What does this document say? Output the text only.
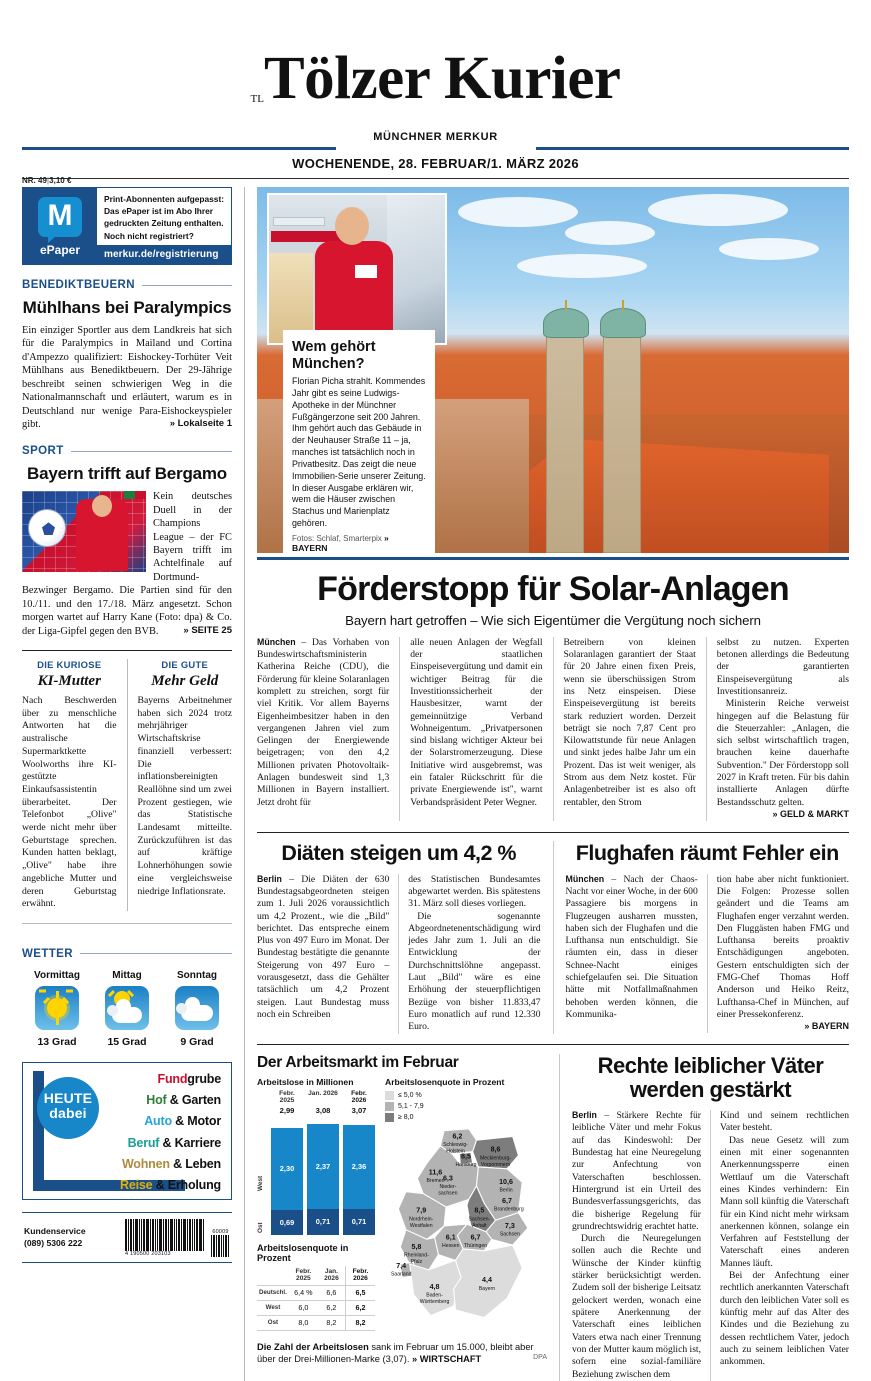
TLTölzer Kurier
MÜNCHNER MERKUR
WOCHENENDE, 28. FEBRUAR/1. MÄRZ 2026
NR. 49|3,10 €
M
ePaper
Print-Abonnenten aufgepasst: Das ePaper ist im Abo Ihrer gedruckten Zeitung enthalten. Noch nicht registriert?
merkur.de/registrierung
BENEDIKTBEUERN
Mühlhans bei Paralympics
Ein einziger Sportler aus dem Landkreis hat sich für die Paralympics in Mailand und Cortina d'Ampezzo qualifiziert: Eishockey-Torhüter Veit Mühlhans aus Benediktbeuern. Der 29-Jährige beschreibt seinen schwierigen Weg in die Nationalmannschaft und erläutert, warum es in Deutschland nur wenige Para-Eishockeyspieler gibt.	» Lokalseite 1
SPORT
Bayern trifft auf Bergamo
Kein deutsches Duell in der Champions League – der FC Bayern trifft im Achtelfinale auf Dortmund-Bezwinger Bergamo. Die Partien sind für den 10./11. und den 17./18. März angesetzt. Schon morgen wartet auf Harry Kane (Foto: dpa) & Co. der Liga-Gipfel gegen den BVB.	» SEITE 25
DIE KURIOSE
KI-Mutter
Nach Beschwerden über zu menschliche Antworten hat die australische Supermarktkette Woolworths ihre KI-gestützte Einkaufsassistentin überarbeitet. Der Telefonbot „Olive" werde nicht mehr über Geburtstage sprechen. Kunden hatten beklagt, „Olive" habe ihre angebliche Mutter und deren Geburtstag erwähnt.
DIE GUTE
Mehr Geld
Bayerns Arbeitnehmer haben sich 2024 trotz mehrjähriger Wirtschaftskrise finanziell verbessert: Die inflationsbereinigten Reallöhne sind um zwei Prozent gestiegen, wie das Statistische Landesamt mitteilte. Zurückzuführen ist das auf kräftige Lohnerhöhungen sowie eine vergleichsweise niedrige Inflationsrate.
WETTER
Vormittag
13 Grad
Mittag
15 Grad
Sonntag
9 Grad
HEUTE
dabei
Fundgrube
Hof & Garten
Auto & Motor
Beruf & Karriere
Wohnen & Leben
Reise & Erholung
Kundenservice
(089) 5306 222
4 190500 203103
60009
Wem gehört München?
Florian Picha strahlt. Kommendes Jahr gibt es seine Ludwigs-Apotheke in der Münchner Fußgängerzone seit 200 Jahren. Ihm gehört auch das Gebäude in der Neuhauser Straße 11 – ja, manches ist tatsächlich noch in Privatbesitz. Das zeigt die neue Immobilien-Serie unserer Zeitung. In dieser Ausgabe erklären wir, wem die Häuser zwischen Stachus und Marienplatz gehören.
Fotos: Schlaf, Smarterpix » BAYERN
Förderstopp für Solar-Anlagen
Bayern hart getroffen – Wie sich Eigentümer die Vergütung noch sichern

München – Das Vorhaben von Bundeswirtschaftsministerin Katherina Reiche (CDU), die Förderung für kleine Solaranlagen komplett zu streichen, sorgt für viel Kritik. Vor allem Bayerns Eigenheimbesitzer haben in den vergangenen Jahren viel zum Gelingen der Energiewende beigetragen; von den 4,2 Millionen privaten Photovoltaik-Anlagen bundesweit sind 1,3 Millionen in Bayern installiert. Jetzt droht für

alle neuen Anlagen der Wegfall der staatlichen Einspeisevergütung und damit ein wichtiger Beitrag für die Investitionssicherheit der Hausbesitzer, warnt der gemeinnützige Verband Wohneigentum. „Privatpersonen sind bislang wichtiger Akteur bei der Solarstromerzeugung. Diese Initiative wird ausgebremst, was ein fataler Rückschritt für die private Energiewende ist", warnt Verbandspräsident Peter Wegner.

Betreibern von kleinen Solaranlagen garantiert der Staat für 20 Jahre einen fixen Preis, wenn sie überschüssigen Strom ins Netz einspeisen. Diese Einspeisevergütung ist bereits stark reduziert worden. Derzeit beträgt sie noch 7,87 Cent pro Kilowattstunde für neue Anlagen und sinkt jedes halbe Jahr um ein Prozent. Das ist weit weniger, als Strom aus dem Netz kostet. Für Anlagenbetreiber ist es also oft rentabler, den Strom

selbst zu nutzen. Experten betonen allerdings die Bedeutung der garantierten Einspeisevergütung als Investitionsanreiz.

Ministerin Reiche verweist hingegen auf die Belastung für die Steuerzahler: „Anlagen, die sich selbst wirtschaftlich tragen, brauchen keine dauerhafte Subvention." Der Förderstopp soll 2027 in Kraft treten. Für bis dahin installierte Anlagen dürfte Bestandsschutz gelten.

» GELD & MARKT
Diäten steigen um 4,2 %

Berlin – Die Diäten der 630 Bundestagsabgeordneten steigen zum 1. Juli 2026 voraussichtlich um 4,2 Prozent., wie die „Bild" berichtet. Das entspreche einem Plus von 497 Euro im Monat. Der Bundestag bestätigte die genannte Steigerung von 497 Euro – vorausgesetzt, dass die Gehälter tatsächlich um 4,2 Prozent steigen. Laut Bundestag muss noch ein Schreiben

des Statistischen Bundesamtes abgewartet werden. Bis spätestens 31. März soll dieses vorliegen.

Die sogenannte Abgeordnetenentschädigung wird jedes Jahr zum 1. Juli an die Entwicklung der Durchschnittslöhne angepasst. Laut „Bild" wäre es eine Erhöhung der steuerpflichtigen Bezüge von bisher 11.833,47 Euro monatlich auf rund 12.330 Euro.

Flughafen räumt Fehler ein

München – Nach der Chaos-Nacht vor einer Woche, in der 600 Passagiere bis morgens in Flugzeugen ausharren mussten, haben sich der Flughafen und die Lufthansa nun entschuldigt. Sie räumten ein, dass in dieser Schnee-Nacht einiges schiefgelaufen sei. Die Situation hätte mit Notfallmaßnahmen behoben werden können, die Kommunika-

tion habe aber nicht funktioniert. Die Folgen: Prozesse sollen geändert und die Teams am Flughafen enger verzahnt werden. Den Fluggästen haben FMG und Lufthansa bereits proaktiv Entschädigungen angeboten. Gestern entschuldigten sich der FMG-Chef Thomas Hoff Anderson und Heiko Reitz, Lufthansa-Chef in München, auf einer Pressekonferenz.

» BAYERN
Der Arbeitsmarkt im Februar
Arbeitslose in Millionen
Febr. 2025
Jan. 2026	Febr. 2026
2,99	3,08	3,07
West
Ost
2,30
0,69
2,37
0,71
2,36
0,71
Arbeitslosenquote in Prozent
	Febr. 2025	Jan. 2026	Febr. 2026
Deutschl.	6,4 %	6,6	6,5
West	6,0	6,2	6,2
Ost	8,0	8,2	8,2
Arbeitslosenquote in Prozent
≤ 5,0 %
5,1 - 7,9
≥ 8,0
6,2
8,6
8,5
11,6
10,6
6,3
6,7
8,5
7,9
7,3
6,7
6,1
5,8
7,4
4,8
4,4
Schleswig-
Holstein
Mecklenburg-
Vorpommern
Hamburg
Bremen
Berlin
Nieder-
sachsen
Brandenburg
Sachsen-
Anhalt
Nordrhein-
Westfalen
Sachsen
Thüringen
Hessen
Rheinland-
Pfalz
Saarland
Baden-
Württemberg
Bayern
Die Zahl der Arbeitslosen sank im Februar um 15.000, bleibt aber über der Drei-Millionen-Marke (3,07).	DPA
» WIRTSCHAFT
Rechte leiblicher Väter
werden gestärkt

Berlin – Stärkere Rechte für leibliche Väter und mehr Fokus auf das Kindeswohl: Der Bundestag hat eine Neuregelung zur Anfechtung von Vaterschaften beschlossen. Hintergrund ist ein Urteil des Bundesverfassungsgerichts, das die bisherige Regelung für grundrechtswidrig erachtet hatte.

Durch die Neuregelungen sollen auch die Rechte und Wünsche der Kinder künftig stärker berücksichtigt werden. Zudem soll der bisherige Leitsatz gelockert werden, wonach eine spätere Anerkennung der Vaterschaft eines leiblichen Vaters etwa nach einer Trennung von der Mutter kaum möglich ist, sofern eine sozial-familiäre Beziehung zwischen dem

Kind und seinem rechtlichen Vater besteht.

Das neue Gesetz will zum einen mit einer sogenannten Anerkennungssperre einen Wettlauf um die Vaterschaft eines Kindes verhindern: Ein Mann soll künftig die Vaterschaft für ein Kind nicht mehr wirksam anerkennen können, solange ein Verfahren auf Feststellung der Vaterschaft eines anderen Mannes läuft.

Bei der Anfechtung einer rechtlich anerkannten Vaterschaft durch den leiblichen Vater soll es künftig mehr auf das Alter des Kindes und die Beziehung zu dessen rechtlichem Vater, jedoch auch zu seinem leiblichen Vater ankommen.
